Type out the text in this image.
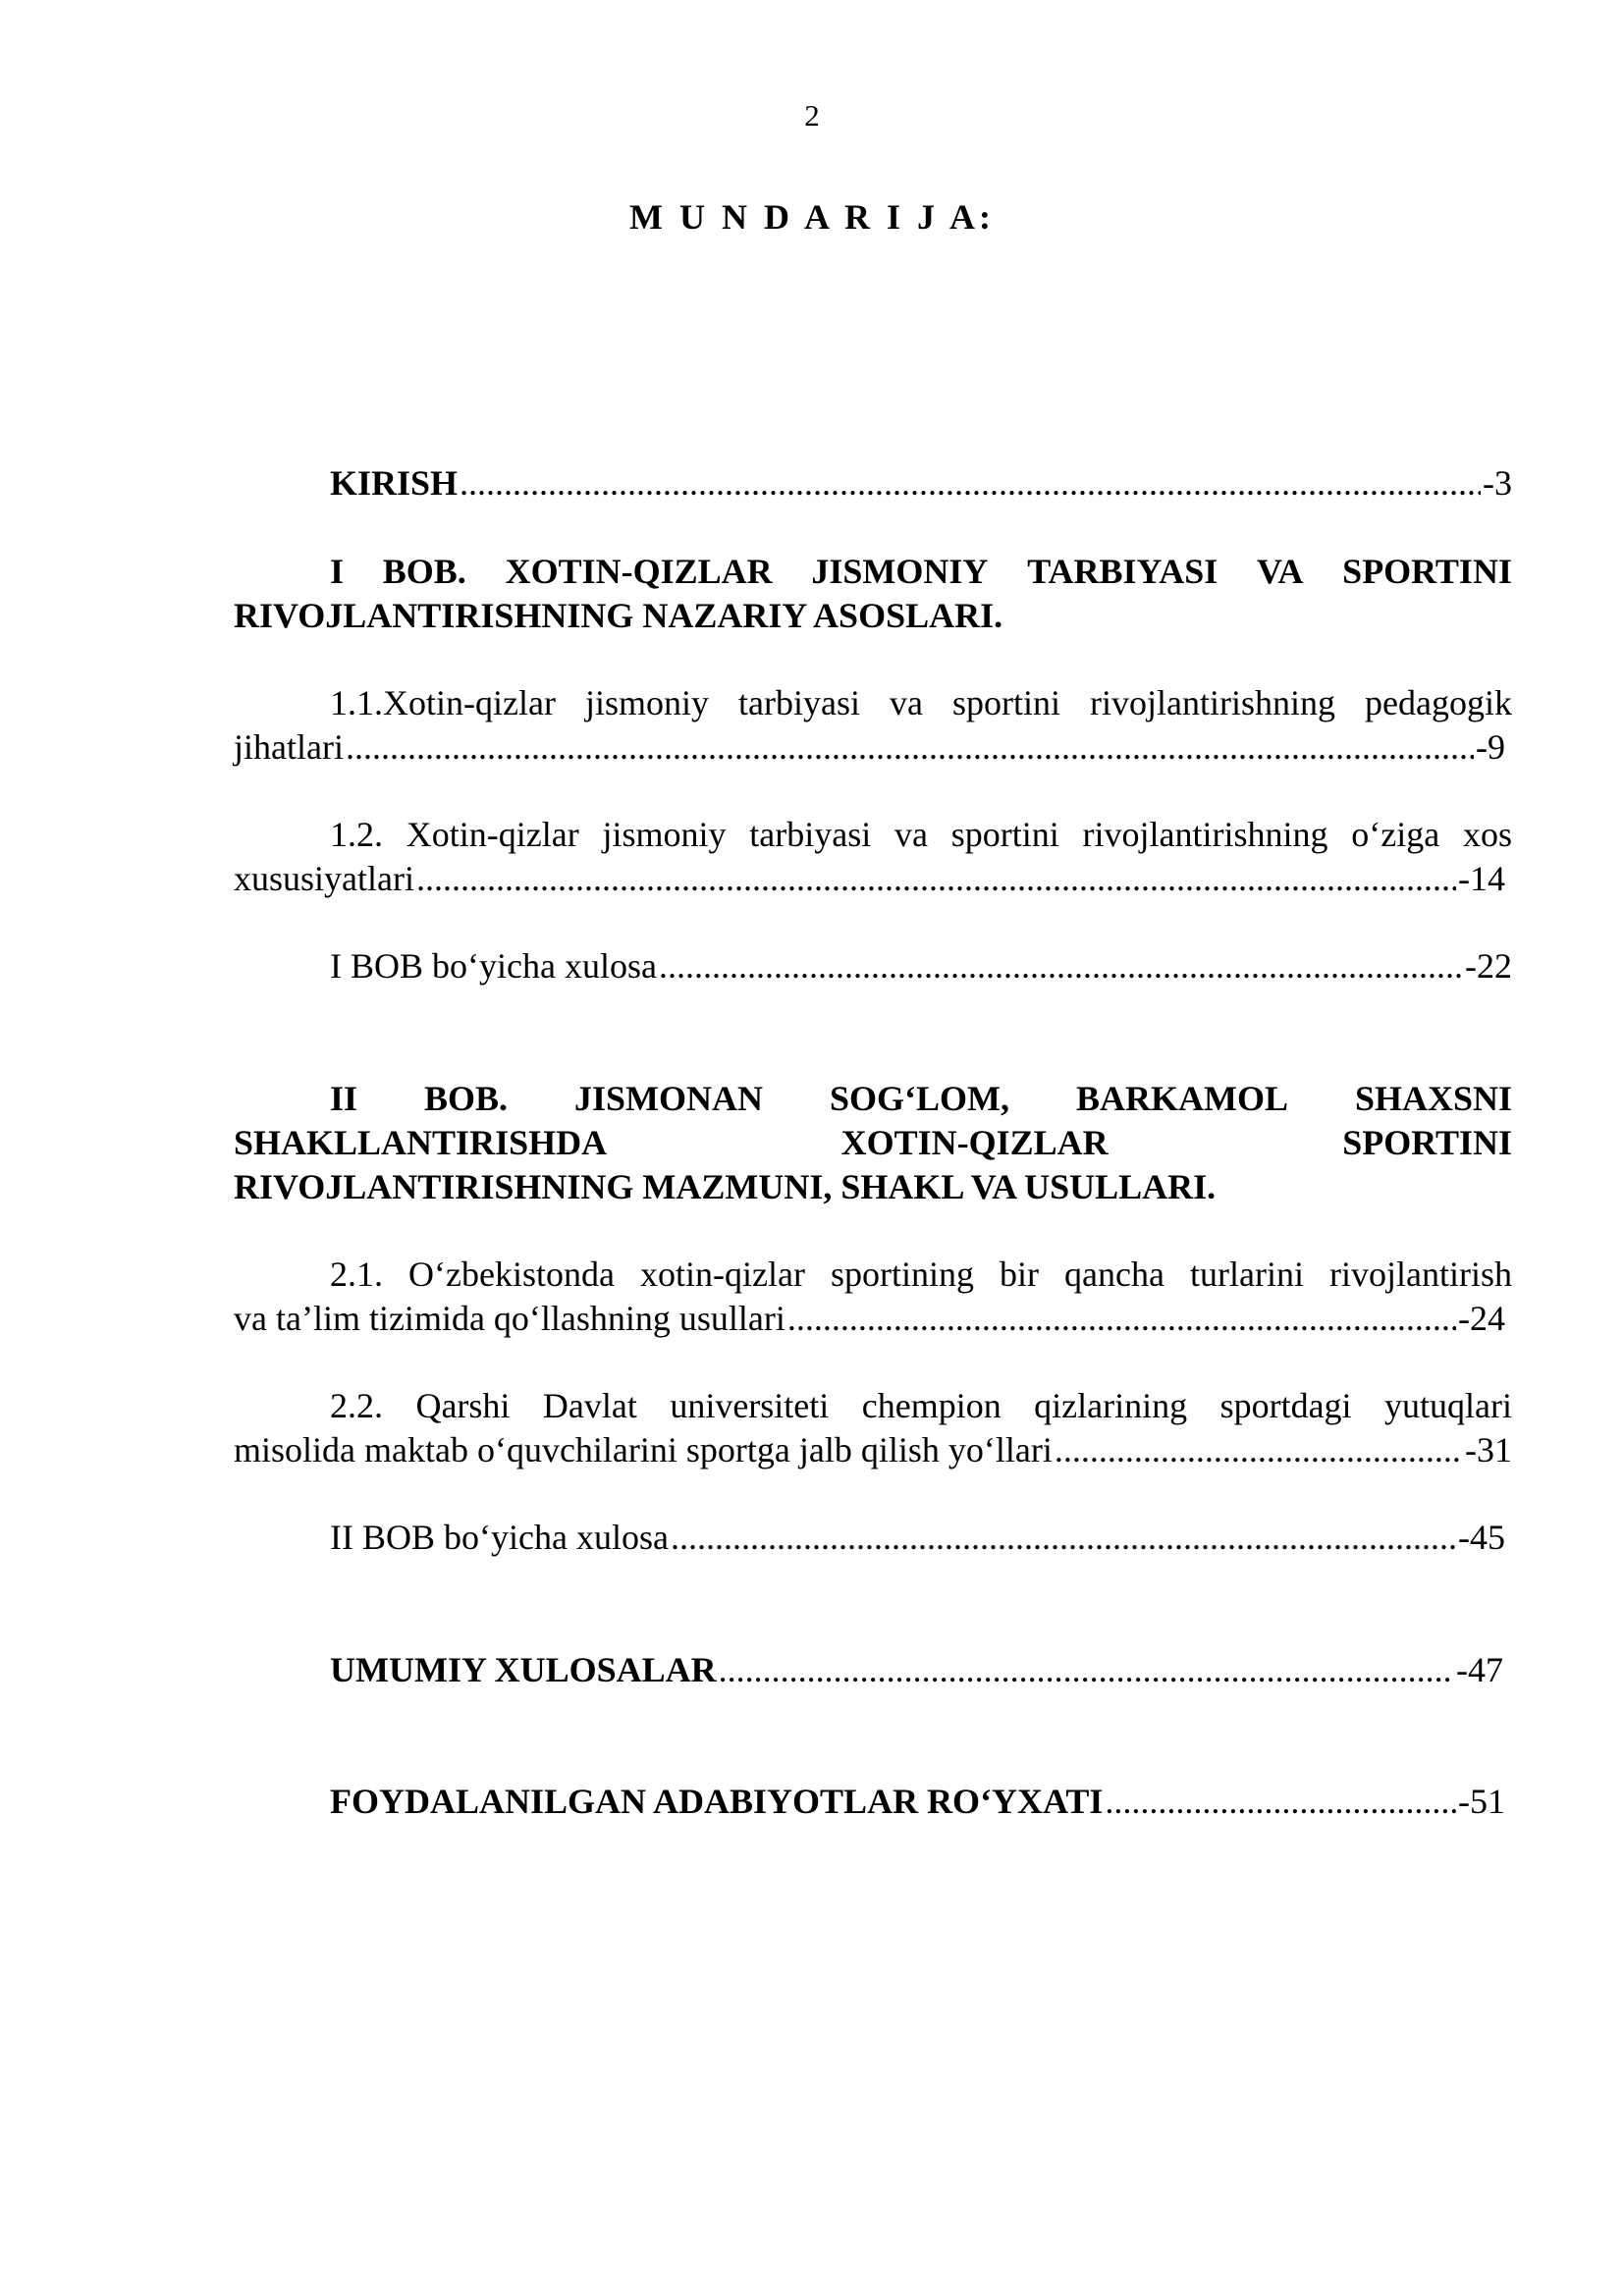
2
M U N D A R I J A:
KIRISH .....	-3
I BOB. XOTIN-QIZLAR JISMONIY TARBIYASI VA SPORTINI
RIVOJLANTIRISHNING NAZARIY ASOSLARI.
1.1.Xotin-qizlar jismoniy tarbiyasi va sportini rivojlantirishning pedagogik
jihatlari .....	-9
1.2. Xotin-qizlar jismoniy tarbiyasi va sportini rivojlantirishning o‘ziga xos
xususiyatlari .....	-14
I BOB bo‘yicha xulosa .....	-22
II BOB. JISMONAN SOG‘LOM, BARKAMOL SHAXSNI
SHAKLLANTIRISHDA	XOTIN-QIZLAR	SPORTINI
RIVOJLANTIRISHNING MAZMUNI, SHAKL VA USULLARI.
2.1. O‘zbekistonda xotin-qizlar sportining bir qancha turlarini rivojlantirish
va ta’lim tizimida qo‘llashning usullari .....	-24
2.2. Qarshi Davlat universiteti chempion qizlarining sportdagi yutuqlari
misolida maktab o‘quvchilarini sportga jalb qilish yo‘llari .....	-31
II BOB bo‘yicha xulosa .....	-45
UMUMIY XULOSALAR .....	-47
FOYDALANILGAN ADABIYOTLAR RO‘YXATI .....	-51
